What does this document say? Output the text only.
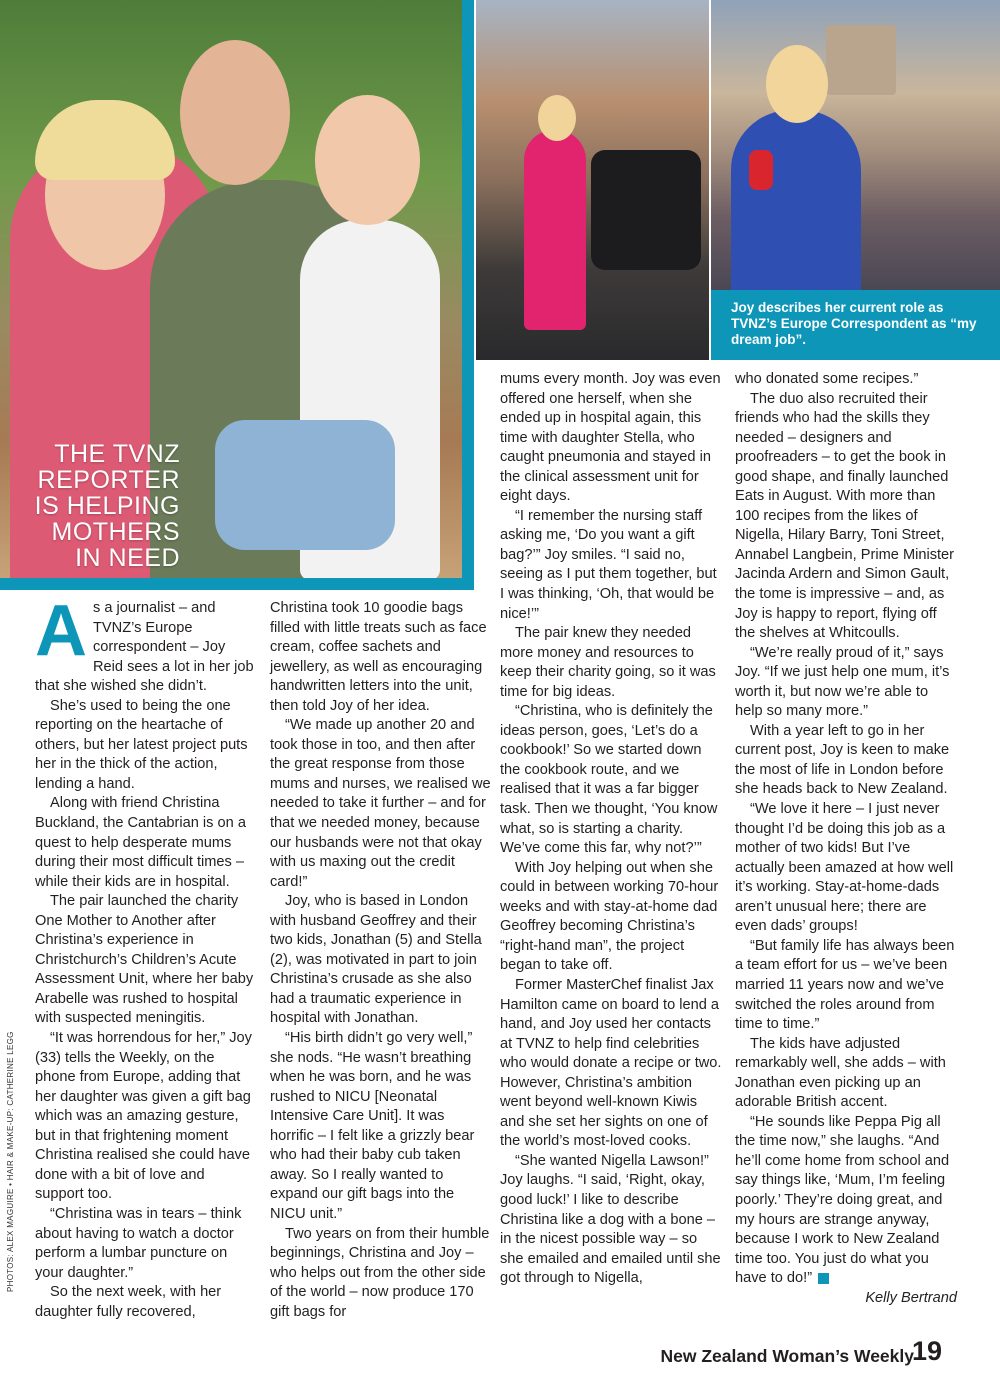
THE TVNZ
REPORTER
IS HELPING
MOTHERS
IN NEED
Joy describes her current role as TVNZ’s Europe Correspondent as “my dream job”.
PHOTOS: ALEX MAGUIRE • HAIR & MAKE-UP: CATHERINE LEGG

As a journalist – and TVNZ’s Europe correspondent – Joy Reid sees a lot in her job that she wished she didn’t.

She’s used to being the one reporting on the heartache of others, but her latest project puts her in the thick of the action, lending a hand.

Along with friend Christina Buckland, the Cantabrian is on a quest to help desperate mums during their most difficult times – while their kids are in hospital.

The pair launched the charity One Mother to Another after Christina’s experience in Christchurch’s Children’s Acute Assessment Unit, where her baby Arabelle was rushed to hospital with suspected meningitis.

“It was horrendous for her,” Joy (33) tells the Weekly, on the phone from Europe, adding that her daughter was given a gift bag which was an amazing gesture, but in that frightening moment Christina realised she could have done with a bit of love and support too.

“Christina was in tears – think about having to watch a doctor perform a lumbar puncture on your daughter.”

So the next week, with her daughter fully recovered,

Christina took 10 goodie bags filled with little treats such as face cream, coffee sachets and jewellery, as well as encouraging handwritten letters into the unit, then told Joy of her idea.

“We made up another 20 and took those in too, and then after the great response from those mums and nurses, we realised we needed to take it further – and for that we needed money, because our husbands were not that okay with us maxing out the credit card!”

Joy, who is based in London with husband Geoffrey and their two kids, Jonathan (5) and Stella (2), was motivated in part to join Christina’s crusade as she also had a traumatic experience in hospital with Jonathan.

“His birth didn’t go very well,” she nods. “He wasn’t breathing when he was born, and he was rushed to NICU [Neonatal Intensive Care Unit]. It was horrific – I felt like a grizzly bear who had their baby cub taken away. So I really wanted to expand our gift bags into the NICU unit.”

Two years on from their humble beginnings, Christina and Joy – who helps out from the other side of the world – now produce 170 gift bags for

mums every month. Joy was even offered one herself, when she ended up in hospital again, this time with daughter Stella, who caught pneumonia and stayed in the clinical assessment unit for eight days.

“I remember the nursing staff asking me, ‘Do you want a gift bag?’” Joy smiles. “I said no, seeing as I put them together, but I was thinking, ‘Oh, that would be nice!’”

The pair knew they needed more money and resources to keep their charity going, so it was time for big ideas.

“Christina, who is definitely the ideas person, goes, ‘Let’s do a cookbook!’ So we started down the cookbook route, and we realised that it was a far bigger task. Then we thought, ‘You know what, so is starting a charity. We’ve come this far, why not?’”

With Joy helping out when she could in between working 70-hour weeks and with stay-at-home dad Geoffrey becoming Christina’s “right-hand man”, the project began to take off.

Former MasterChef finalist Jax Hamilton came on board to lend a hand, and Joy used her contacts at TVNZ to help find celebrities who would donate a recipe or two. However, Christina’s ambition went beyond well-known Kiwis and she set her sights on one of the world’s most-loved cooks.

“She wanted Nigella Lawson!” Joy laughs. “I said, ‘Right, okay, good luck!’ I like to describe Christina like a dog with a bone – in the nicest possible way – so she emailed and emailed until she got through to Nigella,

who donated some recipes.”

The duo also recruited their friends who had the skills they needed – designers and proofreaders – to get the book in good shape, and finally launched Eats in August. With more than 100 recipes from the likes of Nigella, Hilary Barry, Toni Street, Annabel Langbein, Prime Minister Jacinda Ardern and Simon Gault, the tome is impressive – and, as Joy is happy to report, flying off the shelves at Whitcoulls.

“We’re really proud of it,” says Joy. “If we just help one mum, it’s worth it, but now we’re able to help so many more.”

With a year left to go in her current post, Joy is keen to make the most of life in London before she heads back to New Zealand.

“We love it here – I just never thought I’d be doing this job as a mother of two kids! But I’ve actually been amazed at how well it’s working. Stay-at-home-dads aren’t unusual here; there are even dads’ groups!

“But family life has always been a team effort for us – we’ve been married 11 years now and we’ve switched the roles around from time to time.”

The kids have adjusted remarkably well, she adds – with Jonathan even picking up an adorable British accent.

“He sounds like Peppa Pig all the time now,” she laughs. “And he’ll come home from school and say things like, ‘Mum, I’m feeling poorly.’ They’re doing great, and my hours are strange anyway, because I work to New Zealand time too. You just do what you have to do!”

Kelly Bertrand

New Zealand Woman’s Weekly
19
